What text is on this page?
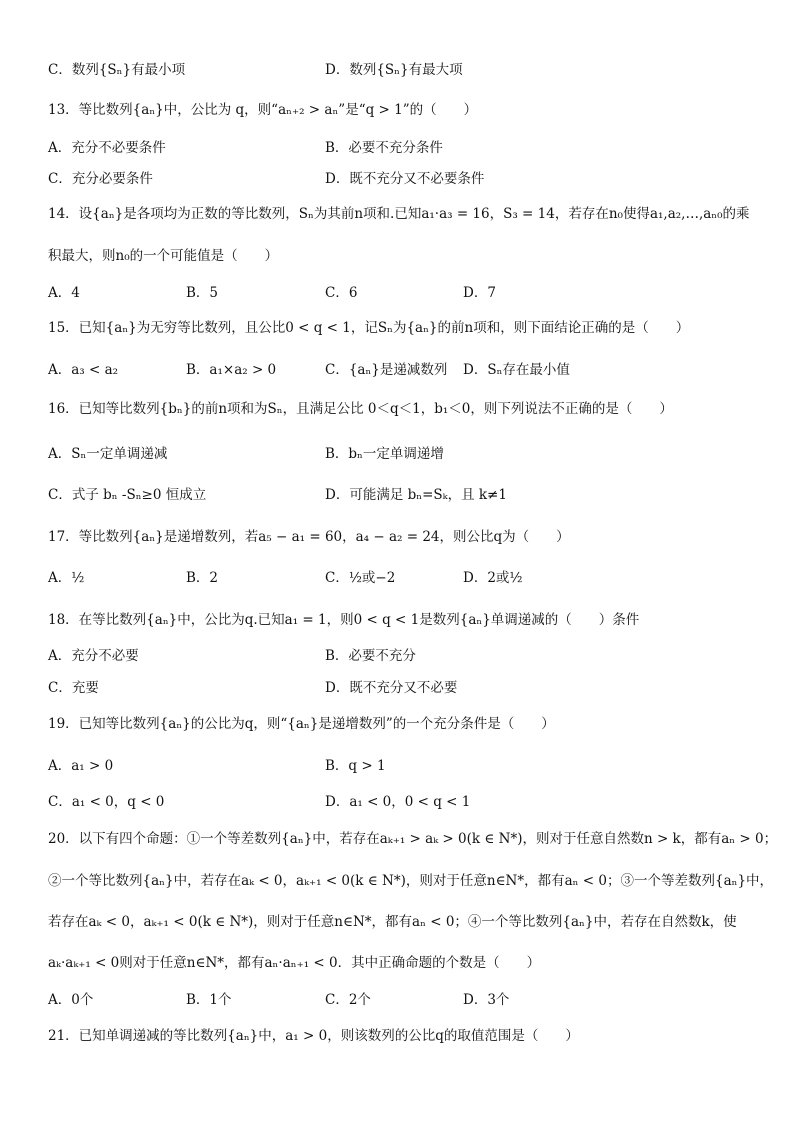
C．数列{Sₙ}有最小项	D．数列{Sₙ}有最大项
13．等比数列{aₙ}中，公比为 q，则“aₙ₊₂ > aₙ”是“q > 1”的（　　）
A．充分不必要条件	B．必要不充分条件
C．充分必要条件	D．既不充分又不必要条件
14．设{aₙ}是各项均为正数的等比数列，Sₙ为其前n项和.已知a₁·a₃ = 16，S₃ = 14，若存在n₀使得a₁,a₂,…,aₙ₀的乘
积最大，则n₀的一个可能值是（　　）
A．4	B．5	C．6	D．7
15．已知{aₙ}为无穷等比数列，且公比0 < q < 1，记Sₙ为{aₙ}的前n项和，则下面结论正确的是（　　）
A．a₃ < a₂	B．a₁×a₂ > 0	C．{aₙ}是递减数列 D．Sₙ存在最小值
16．已知等比数列{bₙ}的前n项和为Sₙ，且满足公比 0＜q＜1，b₁＜0，则下列说法不正确的是（　　）
A．Sₙ一定单调递减	B．bₙ一定单调递增
C．式子 bₙ -Sₙ≥0 恒成立	D．可能满足 bₙ=Sₖ，且 k≠1
17．等比数列{aₙ}是递增数列，若a₅ − a₁ = 60，a₄ − a₂ = 24，则公比q为（　　）
A．½	B．2	C．½或−2	D．2或½
18．在等比数列{aₙ}中，公比为q.已知a₁ = 1，则0 < q < 1是数列{aₙ}单调递减的（　　）条件
A．充分不必要	B．必要不充分
C．充要	D．既不充分又不必要
19．已知等比数列{aₙ}的公比为q，则“{aₙ}是递增数列”的一个充分条件是（　　）
A．a₁ > 0	B．q > 1
C．a₁ < 0，q < 0	D．a₁ < 0，0 < q < 1
20．以下有四个命题：①一个等差数列{aₙ}中，若存在aₖ₊₁ > aₖ > 0(k ∈ N*)，则对于任意自然数n > k，都有aₙ > 0；
②一个等比数列{aₙ}中，若存在aₖ < 0，aₖ₊₁ < 0(k ∈ N*)，则对于任意n∈N*，都有aₙ < 0；③一个等差数列{aₙ}中，
若存在aₖ < 0，aₖ₊₁ < 0(k ∈ N*)，则对于任意n∈N*，都有aₙ < 0；④一个等比数列{aₙ}中，若存在自然数k，使
aₖ·aₖ₊₁ < 0则对于任意n∈N*，都有aₙ·aₙ₊₁ < 0．其中正确命题的个数是（　　）
A．0个	B．1个	C．2个	D．3个
21．已知单调递减的等比数列{aₙ}中，a₁ > 0，则该数列的公比q的取值范围是（　　）
